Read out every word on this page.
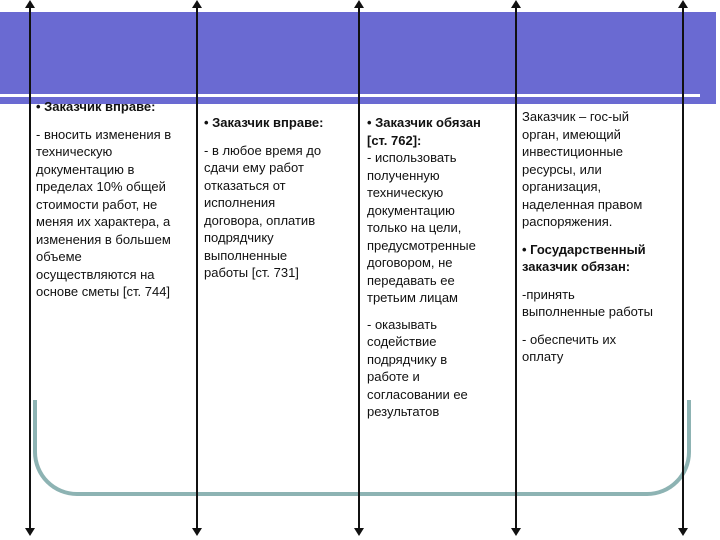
• Заказчик вправе:

- вносить изменения в

техническую

документацию в

пределах 10% общей

стоимости работ, не

меняя их характера, а

изменения в большем

объеме

осуществляются на

основе сметы [ст. 744]

• Заказчик вправе:

- в любое время до

сдачи ему работ

отказаться от

исполнения

договора, оплатив

подрядчику

выполненные

работы [ст. 731]

• Заказчик обязан

[ст. 762]:

- использовать

полученную

техническую

документацию

только на цели,

предусмотренные

договором, не

передавать ее

третьим лицам

- оказывать

содействие

подрядчику в

работе и

согласовании ее

результатов

Заказчик – гос-ый

орган, имеющий

инвестиционные

ресурсы, или

организация,

наделенная правом

распоряжения.

• Государственный

заказчик обязан:

-принять

выполненные работы

- обеспечить их

оплату
